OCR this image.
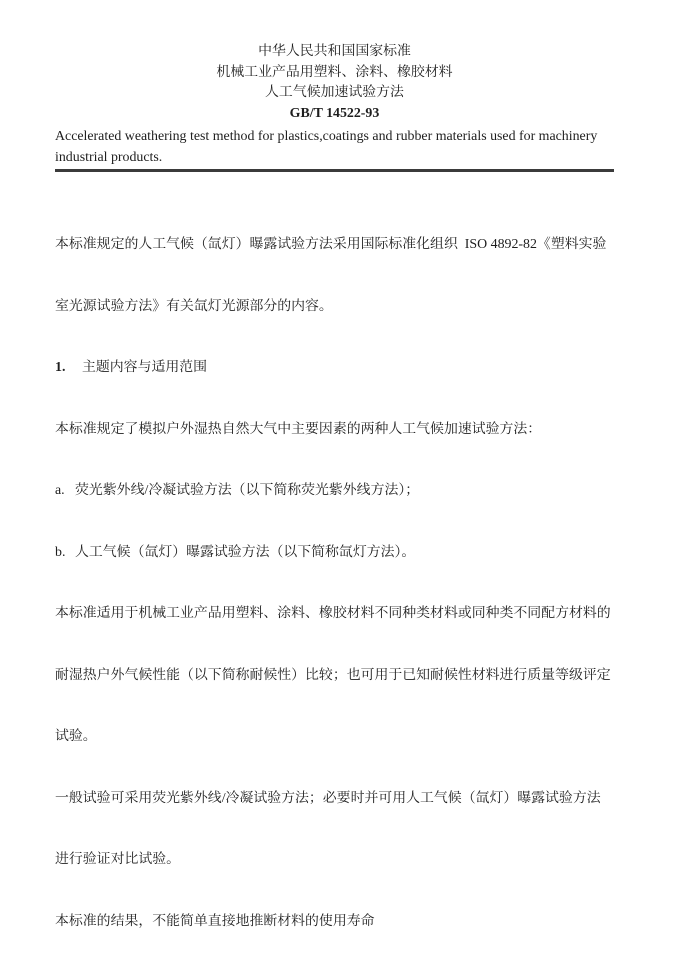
中华人民共和国国家标准
机械工业产品用塑料、涂料、橡胶材料
人工气候加速试验方法
GB/T 14522-93
Accelerated weathering test method for plastics,coatings and rubber materials used for machinery
industrial products.

本标准规定的人工气候（氙灯）曝露试验方法采用国际标准化组织  ISO 4892-82《塑料实验

室光源试验方法》有关氙灯光源部分的内容。

1. 主题内容与适用范围

本标准规定了模拟户外湿热自然大气中主要因素的两种人工气候加速试验方法：

a. 荧光紫外线/冷凝试验方法（以下简称荧光紫外线方法）；

b. 人工气候（氙灯）曝露试验方法（以下简称氙灯方法）。

本标准适用于机械工业产品用塑料、涂料、橡胶材料不同种类材料或同种类不同配方材料的

耐湿热户外气候性能（以下简称耐候性）比较；也可用于已知耐候性材料进行质量等级评定

试验。

一般试验可采用荧光紫外线/冷凝试验方法；必要时并可用人工气候（氙灯）曝露试验方法

进行验证对比试验。

本标准的结果，不能简单直接地推断材料的使用寿命
